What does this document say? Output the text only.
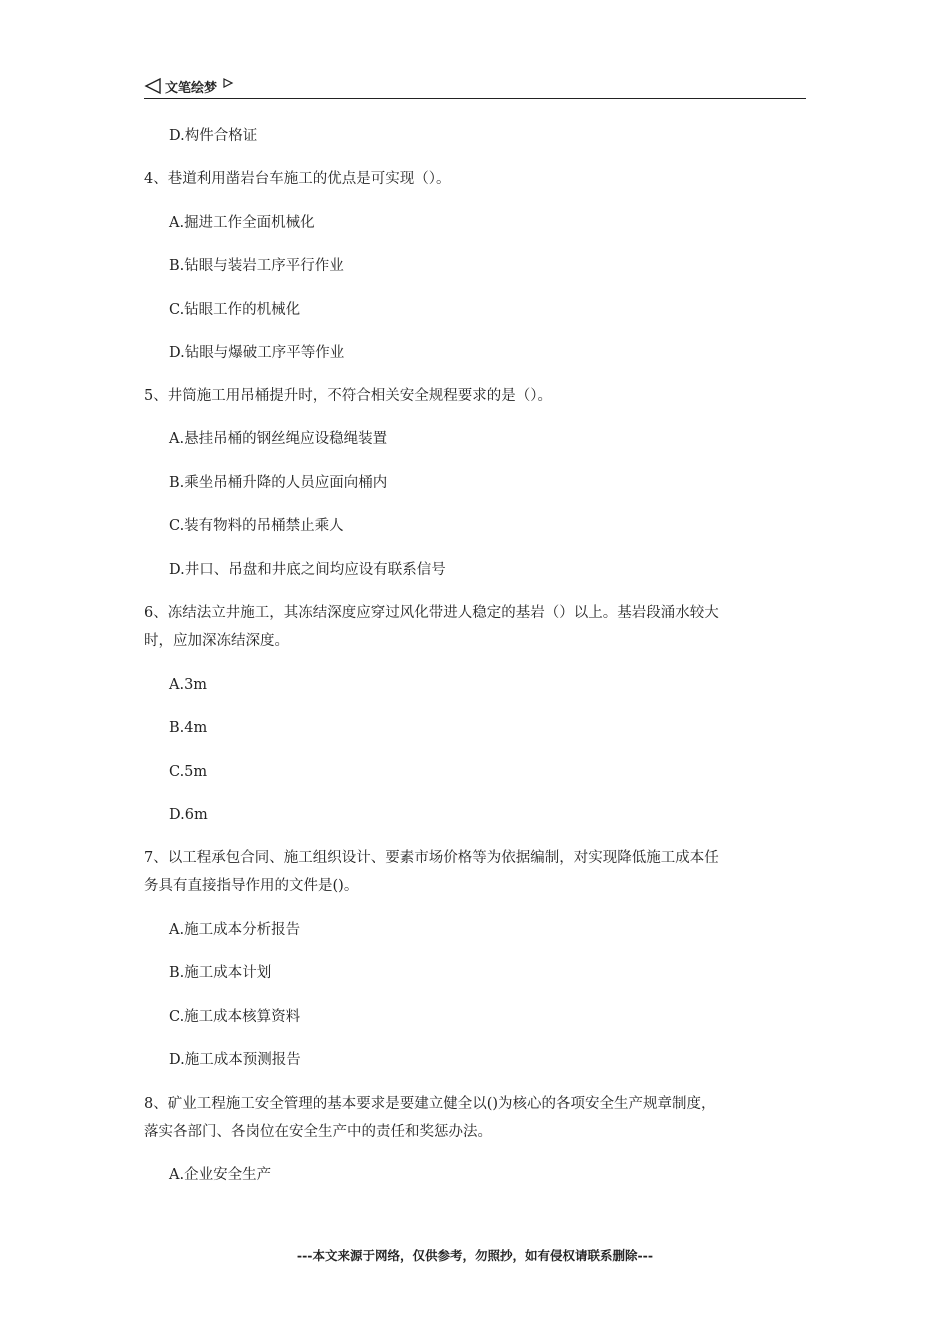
文笔绘梦
D.构件合格证
4、巷道利用凿岩台车施工的优点是可实现（）。
A.掘进工作全面机械化
B.钻眼与装岩工序平行作业
C.钻眼工作的机械化
D.钻眼与爆破工序平等作业
5、井筒施工用吊桶提升时，不符合相关安全规程要求的是（）。
A.悬挂吊桶的钢丝绳应设稳绳装置
B.乘坐吊桶升降的人员应面向桶内
C.装有物料的吊桶禁止乘人
D.井口、吊盘和井底之间均应设有联系信号
6、冻结法立井施工，其冻结深度应穿过风化带进人稳定的基岩（）以上。基岩段涌水较大
时，应加深冻结深度。
A.3m
B.4m
C.5m
D.6m
7、以工程承包合同、施工组织设计、要素市场价格等为依据编制，对实现降低施工成本任
务具有直接指导作用的文件是()。
A.施工成本分析报告
B.施工成本计划
C.施工成本核算资料
D.施工成本预测报告
8、矿业工程施工安全管理的基本要求是要建立健全以()为核心的各项安全生产规章制度，
落实各部门、各岗位在安全生产中的责任和奖惩办法。
A.企业安全生产
---本文来源于网络，仅供参考，勿照抄，如有侵权请联系删除---
